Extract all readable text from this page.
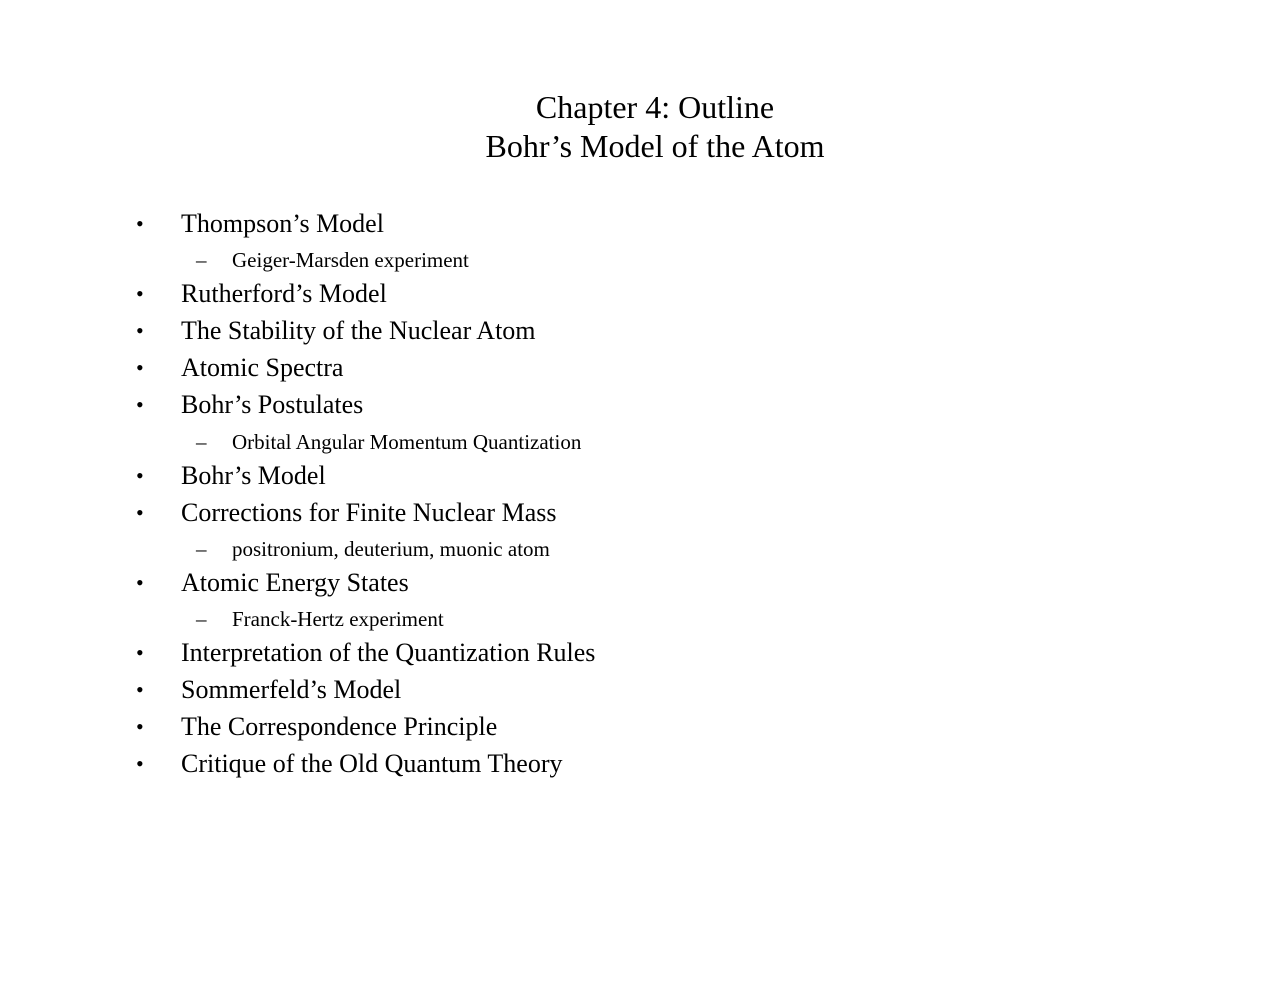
Chapter 4: Outline
Bohr’s Model of the Atom
• Thompson’s Model
– Geiger-Marsden experiment
• Rutherford’s Model
• The Stability of the Nuclear Atom
• Atomic Spectra
• Bohr’s Postulates
– Orbital Angular Momentum Quantization
• Bohr’s Model
• Corrections for Finite Nuclear Mass
– positronium, deuterium, muonic atom
• Atomic Energy States
– Franck-Hertz experiment
• Interpretation of the Quantization Rules
• Sommerfeld’s Model
• The Correspondence Principle
• Critique of the Old Quantum Theory
